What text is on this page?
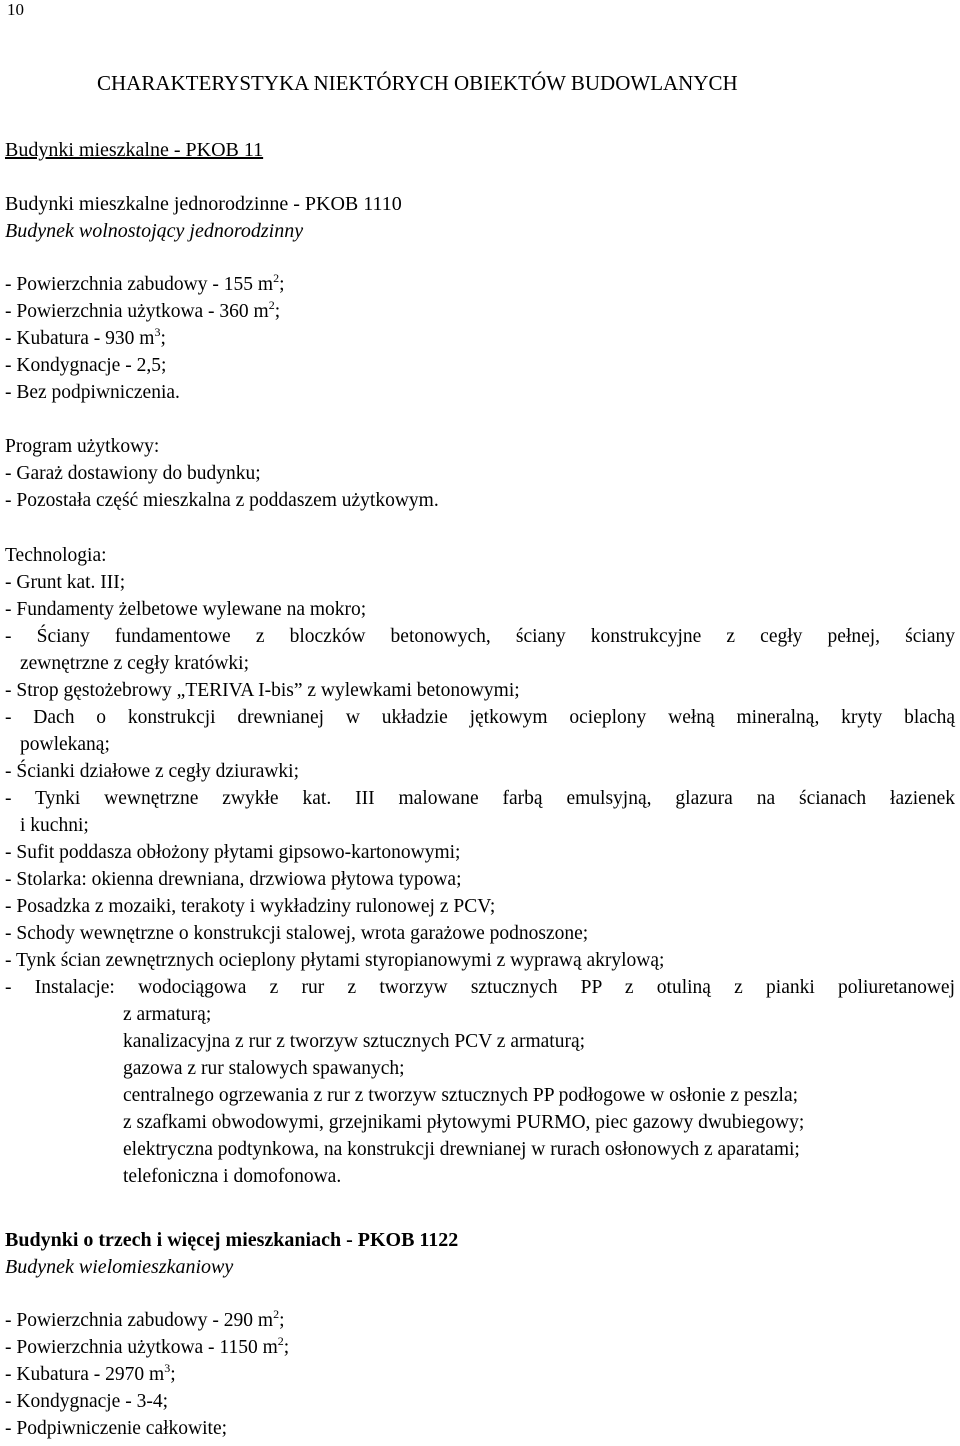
10
CHARAKTERYSTYKA NIEKTÓRYCH OBIEKTÓW BUDOWLANYCH
Budynki mieszkalne - PKOB 11
Budynki mieszkalne jednorodzinne - PKOB 1110
Budynek wolnostojący jednorodzinny
- Powierzchnia zabudowy - 155 $m^2$;
- Powierzchnia użytkowa - 360 $m^2$;
- Kubatura - 930 $m^3$;
- Kondygnacje - 2,5;
- Bez podpiwniczenia.
Program użytkowy:
- Garaż dostawiony do budynku;
- Pozostała część mieszkalna z poddaszem użytkowym.
Technologia:
- Grunt kat. III;
- Fundamenty żelbetowe wylewane na mokro;
- Ściany fundamentowe z bloczków betonowych, ściany konstrukcyjne z cegły pełnej, ściany
zewnętrzne z cegły kratówki;
- Strop gęstożebrowy „TERIVA I-bis” z wylewkami betonowymi;
- Dach o konstrukcji drewnianej w układzie jętkowym ocieplony wełną mineralną, kryty blachą
powlekaną;
- Ścianki działowe z cegły dziurawki;
- Tynki wewnętrzne zwykłe kat. III malowane farbą emulsyjną, glazura na ścianach łazienek
i kuchni;
- Sufit poddasza obłożony płytami gipsowo-kartonowymi;
- Stolarka: okienna drewniana, drzwiowa płytowa typowa;
- Posadzka z mozaiki, terakoty i wykładziny rulonowej z PCV;
- Schody wewnętrzne o konstrukcji stalowej, wrota garażowe podnoszone;
- Tynk ścian zewnętrznych ocieplony płytami styropianowymi z wyprawą akrylową;
- Instalacje: wodociągowa z rur z tworzyw sztucznych PP z otuliną z pianki poliuretanowej
z armaturą;
kanalizacyjna z rur z tworzyw sztucznych PCV z armaturą;
gazowa z rur stalowych spawanych;
centralnego ogrzewania z rur z tworzyw sztucznych PP podłogowe w osłonie z peszla;
z szafkami obwodowymi, grzejnikami płytowymi PURMO, piec gazowy dwubiegowy;
elektryczna podtynkowa, na konstrukcji drewnianej w rurach osłonowych z aparatami;
telefoniczna i domofonowa.
Budynki o trzech i więcej mieszkaniach - PKOB 1122
Budynek wielomieszkaniowy
- Powierzchnia zabudowy - 290 $m^2$;
- Powierzchnia użytkowa - 1150 $m^2$;
- Kubatura - 2970 $m^3$;
- Kondygnacje - 3-4;
- Podpiwniczenie całkowite;
